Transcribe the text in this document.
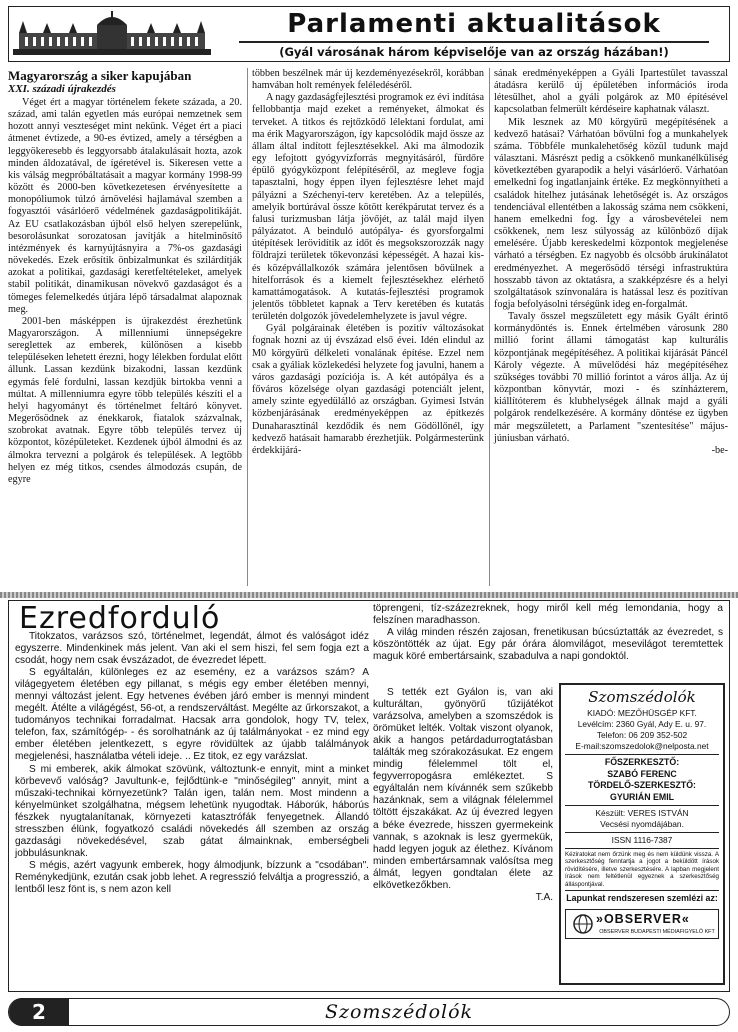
Parlamenti aktualitások
(Gyál városának három képviselője van az ország házában!)
Magyarország a siker kapujában
XXI. századi újrakezdés

Véget ért a magyar történelem fekete százada, a 20. század, ami talán egyetlen más európai nemzetnek sem hozott annyi veszteséget mint nekünk. Véget ért a piaci átmenet évtizede, a 90-es évtized, amely a térségben a leggyökeresebb és leggyorsabb átalakulásait hozta, azok minden áldozatával, de ígéretével is. Sikeresen vette a kis válság megpróbáltatásait a magyar kormány 1998-99 között és 2000-ben következetesen érvényesítette a monopóliumok túlzó árnövelési hajlamával szemben a fogyasztói vásárlóerő védelmének gazdaságpolitikáját. Az EU csatlakozásban újból első helyen szerepelünk, besorolásunkat sorozatosan javítják a hitelminősítő intézmények és karnyújtásnyira a 7%-os gazdasági növekedés. Ezek erősítik önbizalmunkat és szilárdítják azokat a politikai, gazdasági keretfeltételeket, amelyek stabil politikát, dinamikusan növekvő gazdaságot és a tömeges felemelkedés útjára lépő társadalmat alapoznak meg.

2001-ben másképpen is újrakezdést érezhetünk Magyarországon. A millenniumi ünnepségekre sereglettek az emberek, különösen a kisebb településeken lehetett érezni, hogy lélekben fordulat előtt állunk. Lassan kezdünk bizakodni, lassan kezdünk egymás felé fordulni, lassan kezdjük birtokba venni a múltat. A millenniumra egyre több település készíti el a helyi hagyományt és történelmet feltáró könyvet. Megerősödnek az énekkarok, fiatalok százvalnak, szobrokat avatnak. Egyre több település tervez új központot, középületeket. Kezdenek újból álmodni és az álmokra tervezni a polgárok és települések. A legtöbb helyen ez még titkos, csendes álmodozás csupán, de egyre

többen beszélnek már új kezdeményezésekről, korábban hamvában holt remények feléledéséről.

A nagy gazdaságfejlesztési programok ez évi indítása fellobbantja majd ezeket a reményeket, álmokat és terveket. A titkos és rejtőzködő lélektani fordulat, ami ma érik Magyarországon, így kapcsolódik majd össze az állam által indított fejlesztésekkel. Aki ma álmodozik egy lefojtott gyógyvízforrás megnyitásáról, fürdőre épülő gyógyközpont felépítéséről, az megleve fogja tapasztalni, hogy éppen ilyen fejlesztésre lehet majd pályázni a Széchenyi-terv keretében. Az a település, amelyik bortúrával össze kötött kerékpárutat tervez és a falusi turizmusban látja jövőjét, az talál majd ilyen pályázatot. A beinduló autópálya- és gyorsforgalmi útépítések lerövidítik az időt és megsokszorozzák nagy földrajzi területek tőkevonzási képességét. A hazai kis- és középvállalkozók számára jelentősen bővülnek a hitelforrások és a kiemelt fejlesztésekhez elérhető kamattámogatások. A kutatás-fejlesztési programok jelentős többletet kapnak a Terv keretében és kutatás területén dolgozók jövedelemhelyzete is javul végre.

Gyál polgárainak életében is pozitív változásokat fognak hozni az új évszázad első évei. Idén elindul az M0 körgyűrű délkeleti vonalának építése. Ezzel nem csak a gyáliak közlekedési helyzete fog javulni, hanem a város gazdasági pozíciója is. A két autópálya és a főváros közelsége olyan gazdasági potenciált jelent, amely szinte egyedülálló az országban. Gyimesi István közbenjárásának eredményeképpen az építkezés Dunaharasztinál kezdődik és nem Gödöllőnél, így kedvező hatásait hamarabb érezhetjük. Polgármesterünk érdekkijárá-

sának eredményeképpen a Gyáli Ipartestület tavasszal átadásra kerülő új épületében információs iroda létesülhet, ahol a gyáli polgárok az M0 építésével kapcsolatban felmerült kérdéseire kaphatnak választ.

Mik lesznek az M0 körgyűrű megépítésének a kedvező hatásai? Várhatóan bővülni fog a munkahelyek száma. Többféle munkalehetőség közül tudunk majd választani. Másrészt pedig a csökkenő munkanélküliség következtében gyarapodik a helyi vásárlóerő. Várhatóan emelkedni fog ingatlanjaink értéke. Ez megkönnyítheti a családok hitelhez jutásának lehetőségét is. Az országos tendenciával ellentétben a lakosság száma nem csökkeni, hanem emelkedni fog. Így a városbevételei nem csökkenek, nem lesz súlyosság az különböző díjak emelésére. Újabb kereskedelmi központok megjelenése várható a térségben. Ez nagyobb és olcsóbb árukínálatot eredményezhet. A megerősödő térségi infrastruktúra hosszabb távon az oktatásra, a szakképzésre és a helyi szolgáltatások színvonalára is hatással lesz és pozitívan fogja befolyásolni térségünk ideg en-forgalmát.

Tavaly ősszel megszületett egy másik Gyált érintő kormánydöntés is. Ennek értelmében városunk 280 millió forint állami támogatást kap kulturális központjának megépítéséhez. A politikai kijárását Páncél Károly végezte. A művelődési ház megépítéséhez szükséges további 70 millió forintot a város állja. Az új központban könyvtár, mozi - és színházterem, kiállítóterem és klubhelységek állnak majd a gyáli polgárok rendelkezésére. A kormány döntése ez ügyben már megszületett, a Parlament "szentesítése" május-júniusban várható.

-be-
Ezredforduló

Titokzatos, varázsos szó, történelmet, legendát, álmot és valóságot idéz egyszerre. Mindenkinek más jelent. Van aki el sem hiszi, fel sem fogja ezt a csodát, hogy nem csak évszázadot, de évezredet lépett.

S egyáltalán, különleges ez az esemény, ez a varázsos szám? A világegyetem életében egy pillanat, s mégis egy ember életében mennyi, mennyi változást jelent. Egy hetvenes évében járó ember is mennyi mindent megélt. Átélte a világégést, 56-ot, a rendszerváltást. Megélte az űrkorszakot, a tudományos technikai forradalmat. Hacsak arra gondolok, hogy TV, telex, telefon, fax, számítógép- - és sorolhatnánk az új találmányokat - ez mind egy ember életében jelentkezett, s egyre rövidültek az újabb találmányok megjelenési, használatba vételi ideje. .. Ez titok, ez egy varázslat.

S mi emberek, akik álmokat szövünk, változtunk-e ennyit, mint a minket körbevevő valóság? Javultunk-e, fejlődtünk-e "minőségileg" annyit, mint a műszaki-technikai környezetünk? Talán igen, talán nem. Most mindenn a kényelmünket szolgálhatna, mégsem lehetünk nyugodtak. Háborúk, háborús fészkek nyugtalanítanak, környezeti katasztrófák fenyegetnek. Állandó stresszben élünk, fogyatkozó családi növekedés áll szemben az ország gazdasági növekedésével, szab gátat álmainknak, emberségbeli jobbulásunknak.

S mégis, azért vagyunk emberek, hogy álmodjunk, bízzunk a "csodában". Reménykedjünk, ezután csak jobb lehet. A regresszió felváltja a progresszió, a lentből lesz fönt is, s nem azon kell

töprengeni, tíz-százezreknek, hogy miről kell még lemondania, hogy a felszínen maradhasson.

A világ minden részén zajosan, frenetikusan búcsúztatták az évezredet, s köszöntötték az újat. Egy pár órára álomvilágot, mesevilágot teremtettek maguk köré embertársaink, szabadulva a napi gondoktól.

S tették ezt Gyálon is, van aki kulturáltan, gyönyörű tűzijátékot varázsolva, amelyben a szomszédok is örömüket lelték. Voltak viszont olyanok, akik a hangos petárdadurrogtatásban találták meg szórakozásukat. Ez engem mindig félelemmel tölt el, fegyverropogásra emlékeztet. S egyáltalán nem kívánnék sem szűkebb hazánknak, sem a világnak félelemmel töltött éjszakákat. Az új évezred legyen a béke évezrede, hisszen gyermekeink vannak, s azoknak is lesz gyermekük, hadd legyen joguk az élethez. Kívánom minden embertársamnak valósítsa meg álmát, legyen gondtalan élete az elkövetkezőkben.

T.A.
Szomszédolók
KIADÓ: MEZŐHÜSGÉP KFT.
Levélcím: 2360 Gyál, Ady E. u. 97.
Telefon: 06 209 352-502
E-mail:szomszedolok@nelposta.net
FŐSZERKESZTŐ:
SZABÓ FERENC
TÖRDELŐ-SZERKESZTŐ:
GYURIÁN EMIL
Készült: VERES ISTVÁN
Vecsési nyomdájában.
ISSN 1116-7387
Kéziratokat nem őrzünk meg és nem küldünk vissza. A szerkesztőség fenntartja a jogot a beküldött írások rövidítésére, illetve szerkesztésére. A lapban megjelent írások nem feltétlenül egyeznek a szerkesztőség álláspontjával.
Lapunkat rendszeresen szemlézi az:
»OBSERVER«
OBSERVER BUDAPESTI MÉDIAFIGYELŐ KFT
2	Szomszédolók
